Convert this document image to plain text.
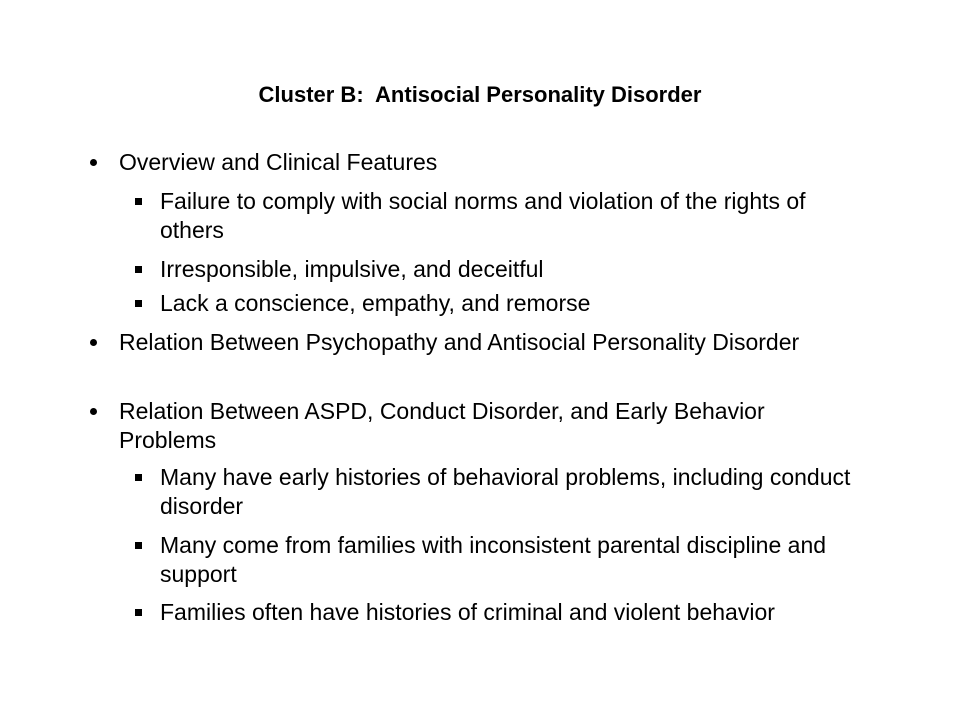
Cluster B:  Antisocial Personality Disorder
Overview and Clinical Features
Failure to comply with social norms and violation of the rights of others
Irresponsible, impulsive, and deceitful
Lack a conscience, empathy, and remorse
Relation Between Psychopathy and Antisocial Personality Disorder
Relation Between ASPD, Conduct Disorder, and Early Behavior Problems
Many have early histories of behavioral problems, including conduct disorder
Many come from families with inconsistent parental discipline and support
Families often have histories of criminal and violent behavior
